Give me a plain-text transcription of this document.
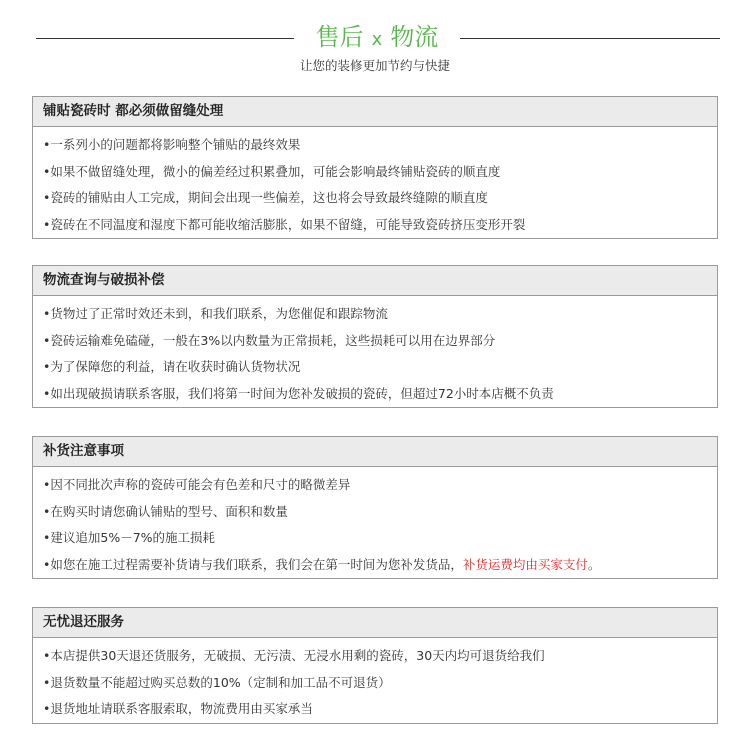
售后 x 物流
让您的装修更加节约与快捷
铺贴瓷砖时 都必须做留缝处理
•一系列小的问题都将影响整个铺贴的最终效果
•如果不做留缝处理，微小的偏差经过积累叠加，可能会影响最终铺贴瓷砖的顺直度
•瓷砖的铺贴由人工完成，期间会出现一些偏差，这也将会导致最终缝隙的顺直度
•瓷砖在不同温度和湿度下都可能收缩活膨胀，如果不留缝，可能导致瓷砖挤压变形开裂
物流查询与破损补偿
•货物过了正常时效还未到，和我们联系，为您催促和跟踪物流
•瓷砖运输难免磕碰，一般在3%以内数量为正常损耗，这些损耗可以用在边界部分
•为了保障您的利益，请在收获时确认货物状况
•如出现破损请联系客服，我们将第一时间为您补发破损的瓷砖，但超过72小时本店概不负责
补货注意事项
•因不同批次声称的瓷砖可能会有色差和尺寸的略微差异
•在购买时请您确认铺贴的型号、面积和数量
•建议追加5%－7%的施工损耗
•如您在施工过程需要补货请与我们联系，我们会在第一时间为您补发货品，补货运费均由买家支付。
无忧退还服务
•本店提供30天退还货服务，无破损、无污渍、无浸水用剩的瓷砖，30天内均可退货给我们
•退货数量不能超过购买总数的10%（定制和加工品不可退货）
•退货地址请联系客服索取，物流费用由买家承当
